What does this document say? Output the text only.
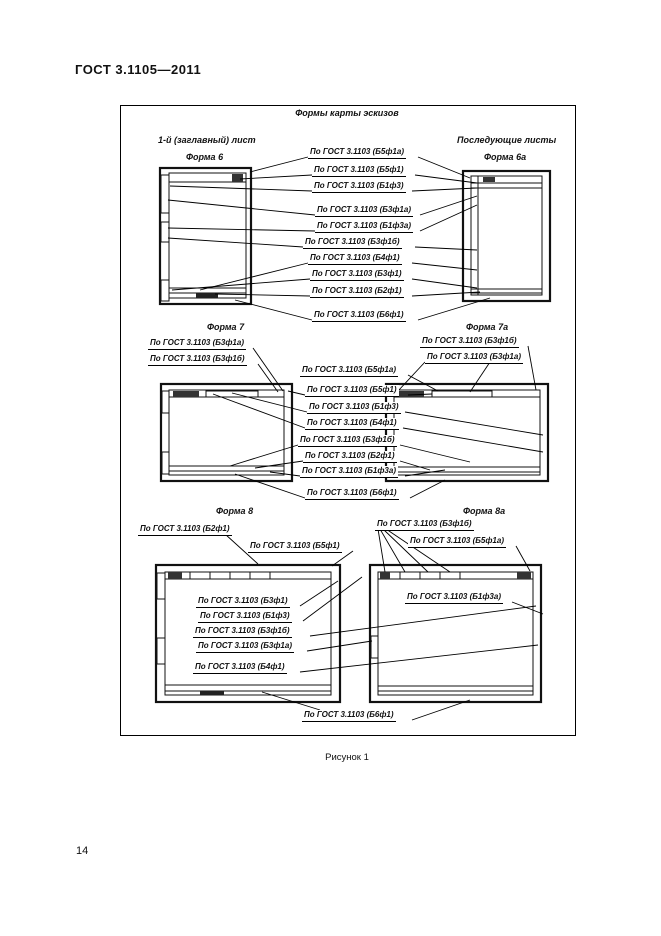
ГОСТ 3.1105—2011
Формы карты эскизов
1-й (заглавный) лист
Форма 6
Последующие листы
Форма 6а
По ГОСТ 3.1103 (Б5ф1а)
По ГОСТ 3.1103 (Б5ф1)
По ГОСТ 3.1103 (Б1ф3)
По ГОСТ 3.1103 (Б3ф1а)
По ГОСТ 3.1103 (Б1ф3а)
По ГОСТ 3.1103 (Б3ф1б)
По ГОСТ 3.1103 (Б4ф1)
По ГОСТ 3.1103 (Б3ф1)
По ГОСТ 3.1103 (Б2ф1)
По ГОСТ 3.1103 (Б6ф1)
Форма 7	Форма 7а
По ГОСТ 3.1103 (Б3ф1а)
По ГОСТ 3.1103 (Б3ф1б)
По ГОСТ 3.1103 (Б3ф1б)
По ГОСТ 3.1103 (Б3ф1а)
По ГОСТ 3.1103 (Б5ф1а)
По ГОСТ 3.1103 (Б5ф1)
По ГОСТ 3.1103 (Б1ф3)
По ГОСТ 3.1103 (Б4ф1)
По ГОСТ 3.1103 (Б3ф1б)
По ГОСТ 3.1103 (Б2ф1)
По ГОСТ 3.1103 (Б1ф3а)
По ГОСТ 3.1103 (Б6ф1)
Форма 8	Форма 8а
По ГОСТ 3.1103 (Б2ф1)
По ГОСТ 3.1103 (Б5ф1)
По ГОСТ 3.1103 (Б3ф1б)
По ГОСТ 3.1103 (Б5ф1а)
По ГОСТ 3.1103 (Б3ф1)
По ГОСТ 3.1103 (Б1ф3)
По ГОСТ 3.1103 (Б3ф1б)
По ГОСТ 3.1103 (Б3ф1а)
По ГОСТ 3.1103 (Б4ф1)
По ГОСТ 3.1103 (Б1ф3а)
По ГОСТ 3.1103 (Б6ф1)
Рисунок 1
14
